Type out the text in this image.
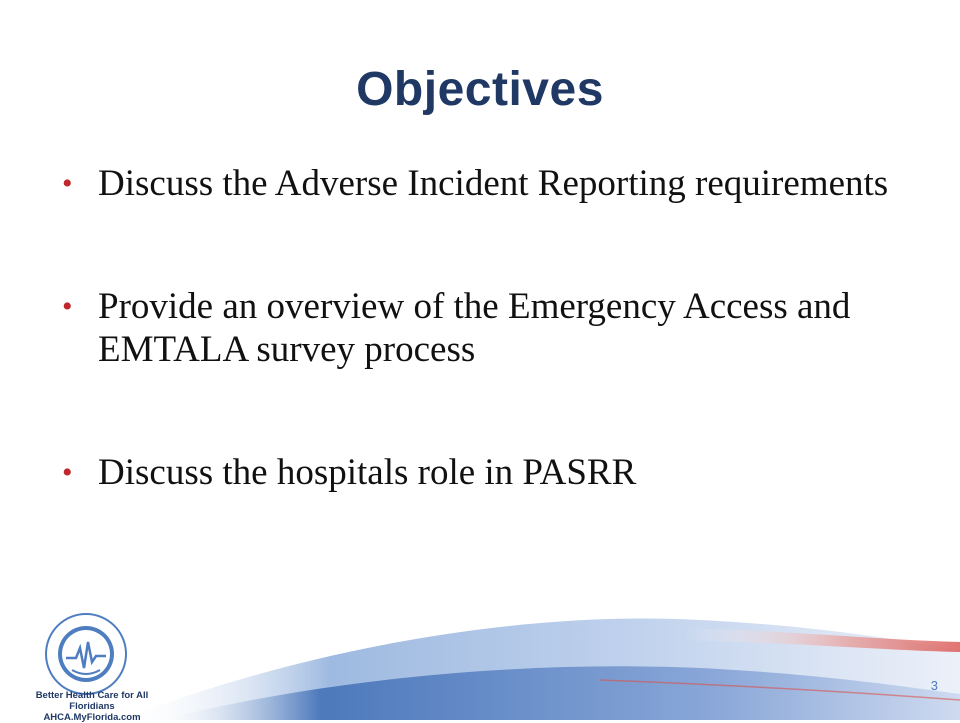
Objectives
• Discuss the Adverse Incident Reporting requirements
• Provide an overview of the Emergency Access and EMTALA survey process
• Discuss the hospitals role in PASRR
Better Health Care for All Floridians
AHCA.MyFlorida.com
3
